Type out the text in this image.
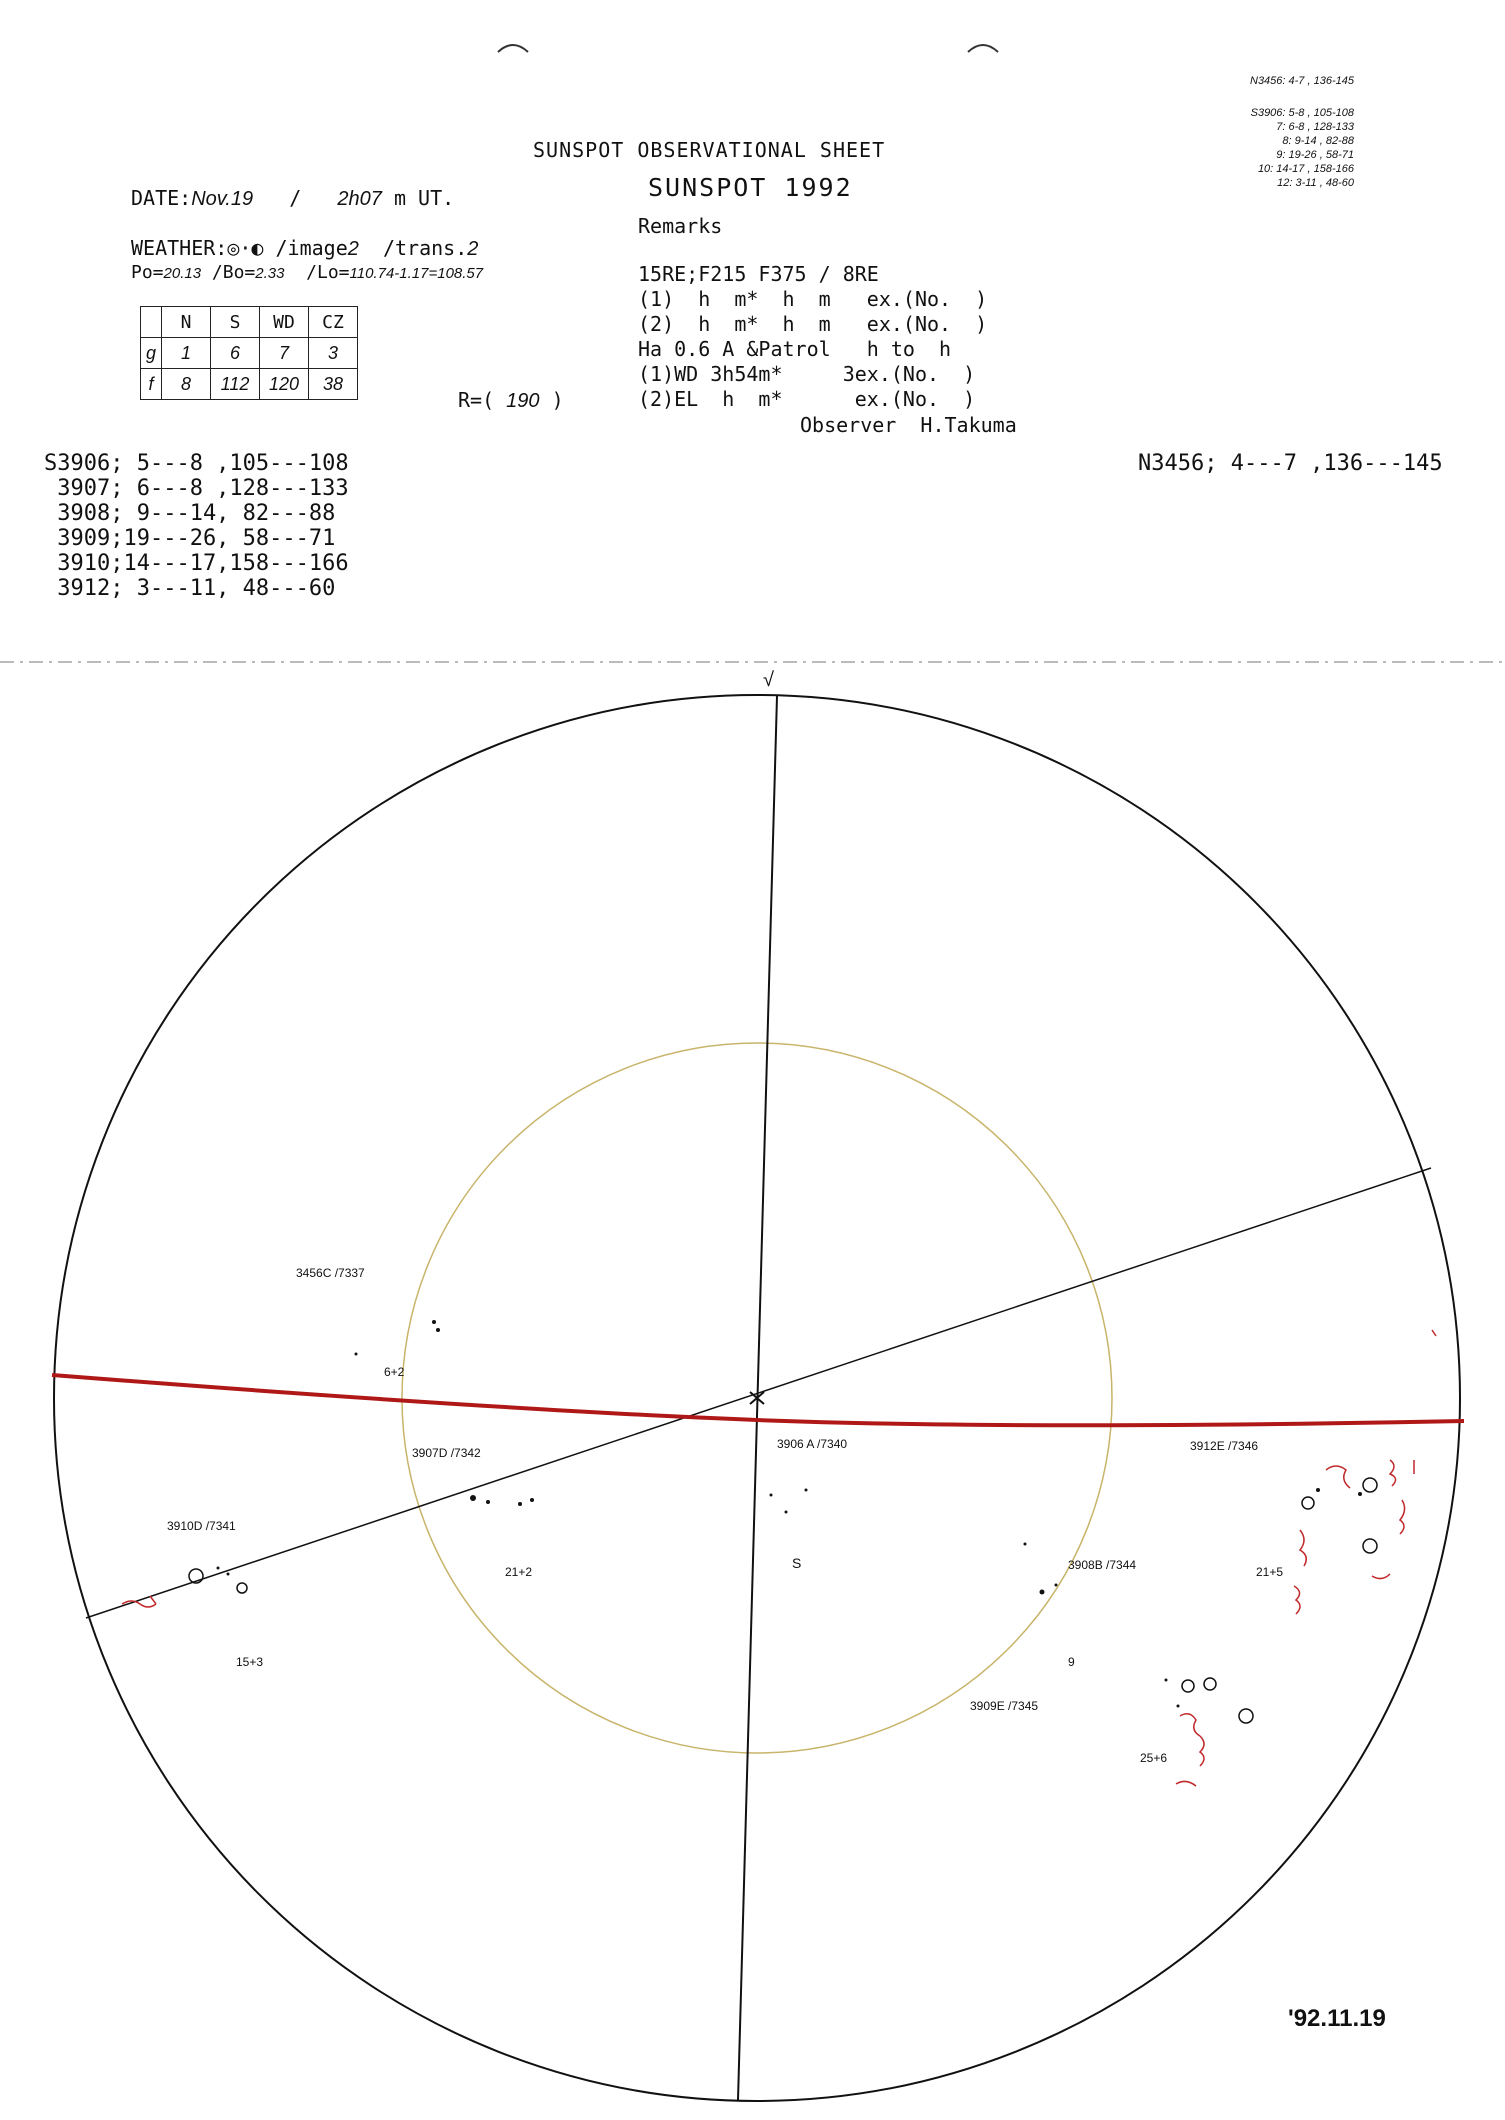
SUNSPOT OBSERVATIONAL SHEET
SUNSPOT 1992
DATE:Nov.19 / 2h07 m UT.
WEATHER:◎·◐ /image2 /trans.2
Po=20.13 /Bo=2.33 /Lo=110.74-1.17=108.57
	N	S	WD	CZ
g	1	6	7	3
f	8	112	120	38
R=( 190 )
Remarks
15RE;F215 F375 / 8RE
(1)  h  m*  h  m   ex.(No.  )
(2)  h  m*  h  m   ex.(No.  )
Ha 0.6 A &Patrol   h to  h
(1)WD 3h54m*     3ex.(No.  )
(2)EL  h  m*      ex.(No.  )
Observer  H.Takuma
N3456: 4-7 , 136-145
S3906: 5-8 , 105-108
7: 6-8 , 128-133
8: 9-14 , 82-88
9: 19-26 , 58-71
10: 14-17 , 158-166
12: 3-11 , 48-60
S3906; 5---8 ,105---108
3907; 6---8 ,128---133
3908; 9---14, 82---88
3909;19---26, 58---71
3910;14---17,158---166
3912; 3---11, 48---60
N3456; 4---7 ,136---145
√
S
3456C /7337
6+2
3907D /7342
21+2
3906 A /7340	3912E /7346
21+5
3910D /7341
15+3
3908B /7344
9
3909E /7345
25+6
'92.11.19
